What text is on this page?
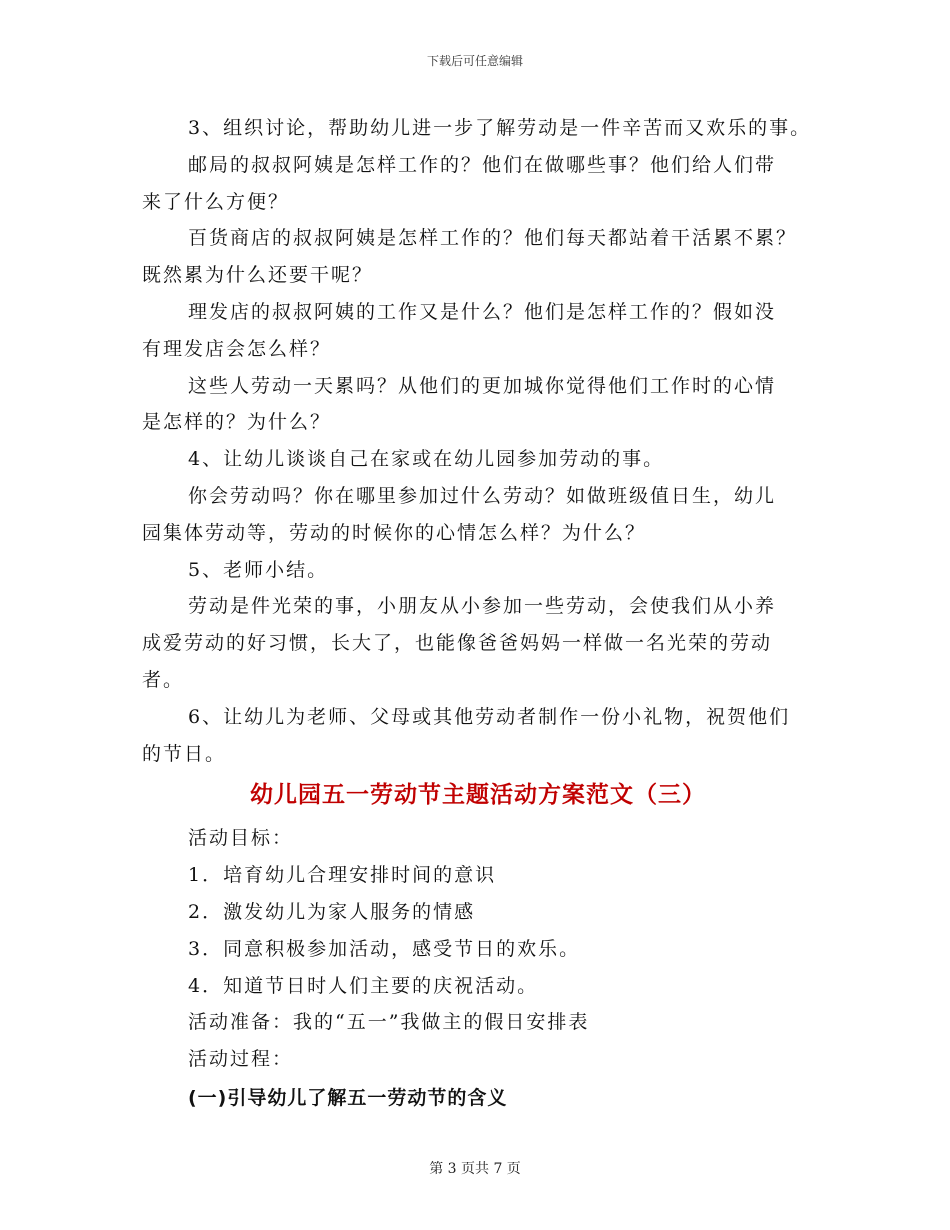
下载后可任意编辑

3、组织讨论，帮助幼儿进一步了解劳动是一件辛苦而又欢乐的事。

邮局的叔叔阿姨是怎样工作的？他们在做哪些事？他们给人们带

来了什么方便？

百货商店的叔叔阿姨是怎样工作的？他们每天都站着干活累不累？

既然累为什么还要干呢？

理发店的叔叔阿姨的工作又是什么？他们是怎样工作的？假如没

有理发店会怎么样？

这些人劳动一天累吗？从他们的更加城你觉得他们工作时的心情

是怎样的？为什么？

4、让幼儿谈谈自己在家或在幼儿园参加劳动的事。

你会劳动吗？你在哪里参加过什么劳动？如做班级值日生，幼儿

园集体劳动等，劳动的时候你的心情怎么样？为什么？

5、老师小结。

劳动是件光荣的事，小朋友从小参加一些劳动，会使我们从小养

成爱劳动的好习惯，长大了，也能像爸爸妈妈一样做一名光荣的劳动

者。

6、让幼儿为老师、父母或其他劳动者制作一份小礼物，祝贺他们

的节日。

幼儿园五一劳动节主题活动方案范文（三）

活动目标：

1．培育幼儿合理安排时间的意识

2．激发幼儿为家人服务的情感

3．同意积极参加活动，感受节日的欢乐。

4．知道节日时人们主要的庆祝活动。

活动准备：我的“五一”我做主的假日安排表

活动过程：

(一)引导幼儿了解五一劳动节的含义
第 3 页共 7 页
